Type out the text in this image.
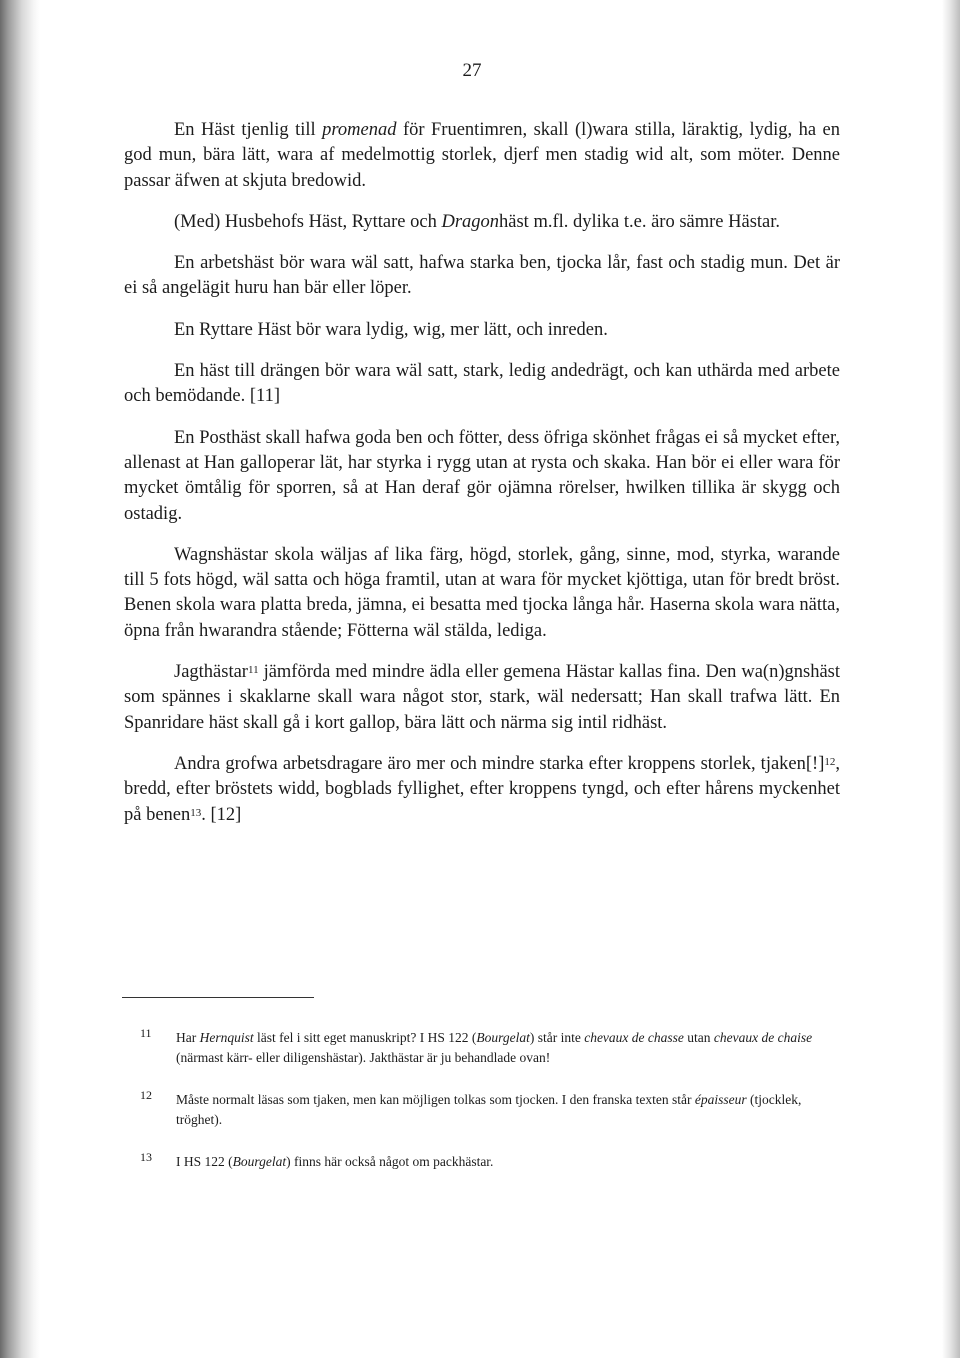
27

En Häst tjenlig till promenad för Fruentimren, skall (l)wara stilla, läraktig, lydig, ha en god mun, bära lätt, wara af medelmottig storlek, djerf men stadig wid alt, som möter. Denne passar äfwen at skjuta bredowid.

(Med) Husbehofs Häst, Ryttare och Dragonhäst m.fl. dylika t.e. äro sämre Hästar.

En arbetshäst bör wara wäl satt, hafwa starka ben, tjocka lår, fast och stadig mun. Det är ei så angelägit huru han bär eller löper.

En Ryttare Häst bör wara lydig, wig, mer lätt, och inreden.

En häst till drängen bör wara wäl satt, stark, ledig andedrägt, och kan uthärda med arbete och bemödande. [11]

En Posthäst skall hafwa goda ben och fötter, dess öfriga skönhet frågas ei så mycket efter, allenast at Han galloperar lät, har styrka i rygg utan at rysta och skaka. Han bör ei eller wara för mycket ömtålig för sporren, så at Han deraf gör ojämna rörelser, hwilken tillika är skygg och ostadig.

Wagnshästar skola wäljas af lika färg, högd, storlek, gång, sinne, mod, styrka, warande till 5 fots högd, wäl satta och höga framtil, utan at wara för mycket kjöttiga, utan för bredt bröst. Benen skola wara platta breda, jämna, ei besatta med tjocka långa hår. Haserna skola wara nätta, öpna från hwarandra stående; Fötterna wäl stälda, lediga.

Jagthästar$^{11}$ jämförda med mindre ädla eller gemena Hästar kallas fina. Den wa(n)gnshäst som spännes i skaklarne skall wara något stor, stark, wäl nedersatt; Han skall trafwa lätt. En Spanridare häst skall gå i kort gallop, bära lätt och närma sig intil ridhäst.

Andra grofwa arbetsdragare äro mer och mindre starka efter kroppens storlek, tjaken[!]$^{12}$, bredd, efter bröstets widd, bogblads fyllighet, efter kroppens tyngd, och efter hårens myckenhet på benen$^{13}$. [12]

11 Har Hernquist läst fel i sitt eget manuskript? I HS 122 (Bourgelat) står inte chevaux de chasse utan chevaux de chaise (närmast kärr- eller diligenshästar). Jakthästar är ju behandlade ovan!
12 Måste normalt läsas som tjaken, men kan möjligen tolkas som tjocken. I den franska texten står épaisseur (tjocklek, tröghet).
13 I HS 122 (Bourgelat) finns här också något om packhästar.
